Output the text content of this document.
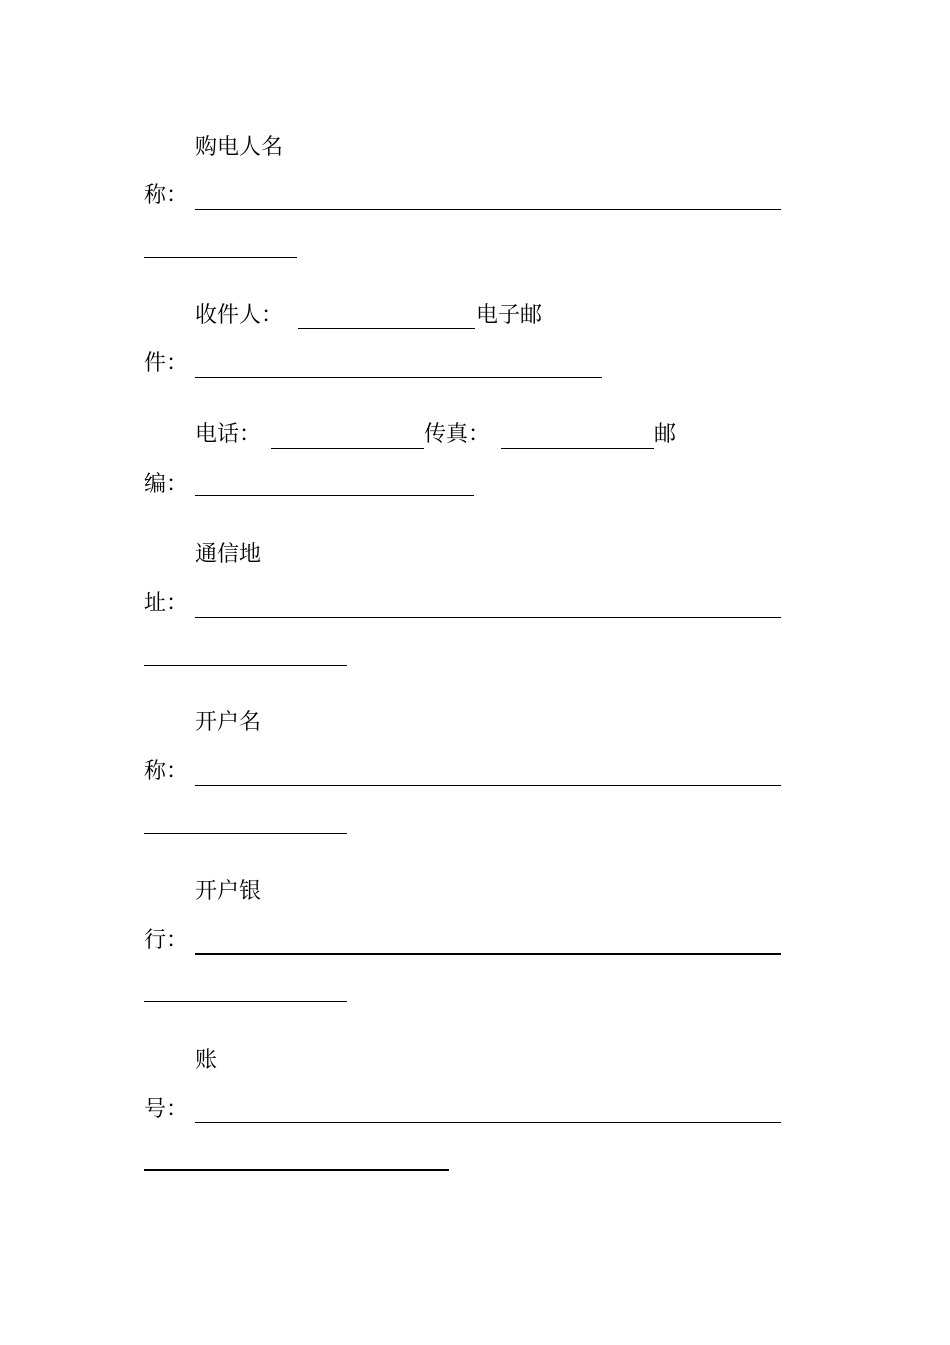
购电人名
称：
收件人：	电子邮
件：
电话：	传真：	邮
编：
通信地
址：
开户名
称：
开户银
行：
账
号：
